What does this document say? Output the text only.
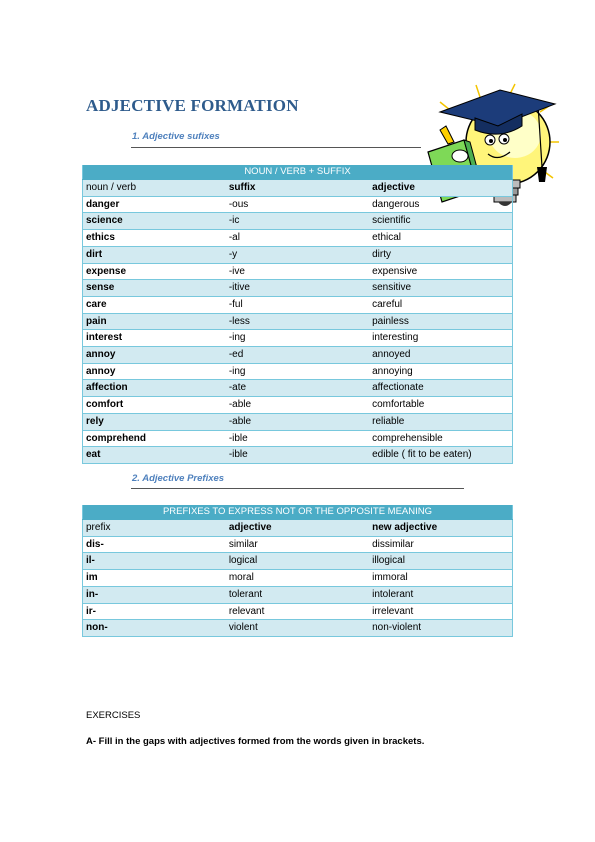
ADJECTIVE FORMATION
1. Adjective sufixes
NOUN / VERB + SUFFIX		
noun / verb	suffix	adjective
danger	-ous	dangerous
science	-ic	scientific
ethics	-al	ethical
dirt	-y	dirty
expense	-ive	expensive
sense	-itive	sensitive
care	-ful	careful
pain	-less	painless
interest	-ing	interesting
annoy	-ed	annoyed
annoy	-ing	annoying
affection	-ate	affectionate
comfort	-able	comfortable
rely	-able	reliable
comprehend	-ible	comprehensible
eat	-ible	edible ( fit to be eaten)
2. Adjective Prefixes
PREFIXES TO EXPRESS NOT OR THE OPPOSITE MEANING		
prefix	adjective	new adjective
dis-	similar	dissimilar
il-	logical	illogical
im	moral	immoral
in-	tolerant	intolerant
ir-	relevant	irrelevant
non-	violent	non-violent
EXERCISES
A- Fill in the gaps with adjectives formed from the words given in brackets.
